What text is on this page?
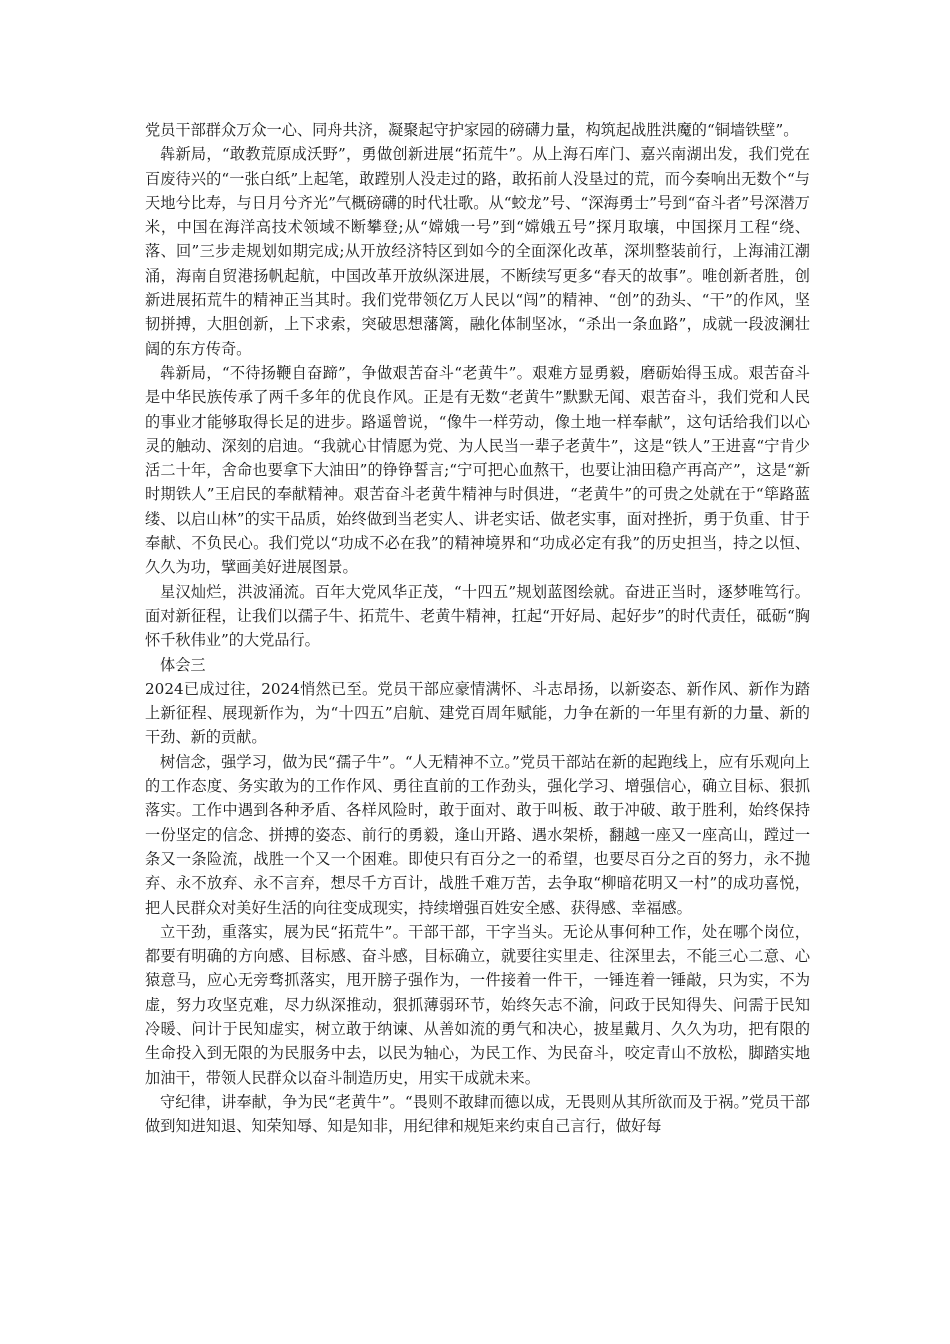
党员干部群众万众一心、同舟共济，凝聚起守护家园的磅礴力量，构筑起战胜洪魔的“铜墙铁壁”。

犇新局，“敢教荒原成沃野”，勇做创新进展“拓荒牛”。从上海石库门、嘉兴南湖出发，我们党在百废待兴的“一张白纸”上起笔，敢蹚别人没走过的路，敢拓前人没垦过的荒，而今奏响出无数个“与天地兮比寿，与日月兮齐光”气概磅礴的时代壮歌。从“蛟龙”号、“深海勇士”号到“奋斗者”号深潜万米，中国在海洋高技术领域不断攀登;从“嫦娥一号”到“嫦娥五号”探月取壤，中国探月工程“绕、落、回”三步走规划如期完成;从开放经济特区到如今的全面深化改革，深圳整装前行，上海浦江潮涌，海南自贸港扬帆起航，中国改革开放纵深进展，不断续写更多“春天的故事”。唯创新者胜，创新进展拓荒牛的精神正当其时。我们党带领亿万人民以“闯”的精神、“创”的劲头、“干”的作风，坚韧拼搏，大胆创新，上下求索，突破思想藩篱，融化体制坚冰，“杀出一条血路”，成就一段波澜壮阔的东方传奇。

犇新局，“不待扬鞭自奋蹄”，争做艰苦奋斗“老黄牛”。艰难方显勇毅，磨砺始得玉成。艰苦奋斗是中华民族传承了两千多年的优良作风。正是有无数“老黄牛”默默无闻、艰苦奋斗，我们党和人民的事业才能够取得长足的进步。路遥曾说，“像牛一样劳动，像土地一样奉献”，这句话给我们以心灵的触动、深刻的启迪。“我就心甘情愿为党、为人民当一辈子老黄牛”，这是“铁人”王进喜“宁肯少活二十年，舍命也要拿下大油田”的铮铮誓言;“宁可把心血熬干，也要让油田稳产再高产”，这是“新时期铁人”王启民的奉献精神。艰苦奋斗老黄牛精神与时俱进，“老黄牛”的可贵之处就在于“筚路蓝缕、以启山林”的实干品质，始终做到当老实人、讲老实话、做老实事，面对挫折，勇于负重、甘于奉献、不负民心。我们党以“功成不必在我”的精神境界和“功成必定有我”的历史担当，持之以恒、久久为功，擘画美好进展图景。

星汉灿烂，洪波涌流。百年大党风华正茂，“十四五”规划蓝图绘就。奋进正当时，逐梦唯笃行。面对新征程，让我们以孺子牛、拓荒牛、老黄牛精神，扛起“开好局、起好步”的时代责任，砥砺“胸怀千秋伟业”的大党品行。

体会三

2024已成过往，2024悄然已至。党员干部应豪情满怀、斗志昂扬，以新姿态、新作风、新作为踏上新征程、展现新作为，为“十四五”启航、建党百周年赋能，力争在新的一年里有新的力量、新的干劲、新的贡献。

树信念，强学习，做为民“孺子牛”。“人无精神不立。”党员干部站在新的起跑线上，应有乐观向上的工作态度、务实敢为的工作作风、勇往直前的工作劲头，强化学习、增强信心，确立目标、狠抓落实。工作中遇到各种矛盾、各样风险时，敢于面对、敢于叫板、敢于冲破、敢于胜利，始终保持一份坚定的信念、拼搏的姿态、前行的勇毅，逢山开路、遇水架桥，翻越一座又一座高山，蹚过一条又一条险流，战胜一个又一个困难。即使只有百分之一的希望，也要尽百分之百的努力，永不抛弃、永不放弃、永不言弃，想尽千方百计，战胜千难万苦，去争取“柳暗花明又一村”的成功喜悦，把人民群众对美好生活的向往变成现实，持续增强百姓安全感、获得感、幸福感。

立干劲，重落实，展为民“拓荒牛”。干部干部，干字当头。无论从事何种工作，处在哪个岗位，都要有明确的方向感、目标感、奋斗感，目标确立，就要往实里走、往深里去，不能三心二意、心猿意马，应心无旁骛抓落实，甩开膀子强作为，一件接着一件干，一锤连着一锤敲，只为实，不为虚，努力攻坚克难，尽力纵深推动，狠抓薄弱环节，始终矢志不渝，问政于民知得失、问需于民知冷暖、问计于民知虚实，树立敢于纳谏、从善如流的勇气和决心，披星戴月、久久为功，把有限的生命投入到无限的为民服务中去，以民为轴心，为民工作、为民奋斗，咬定青山不放松，脚踏实地加油干，带领人民群众以奋斗制造历史，用实干成就未来。

守纪律，讲奉献，争为民“老黄牛”。“畏则不敢肆而德以成，无畏则从其所欲而及于祸。”党员干部做到知进知退、知荣知辱、知是知非，用纪律和规矩来约束自己言行，做好每
